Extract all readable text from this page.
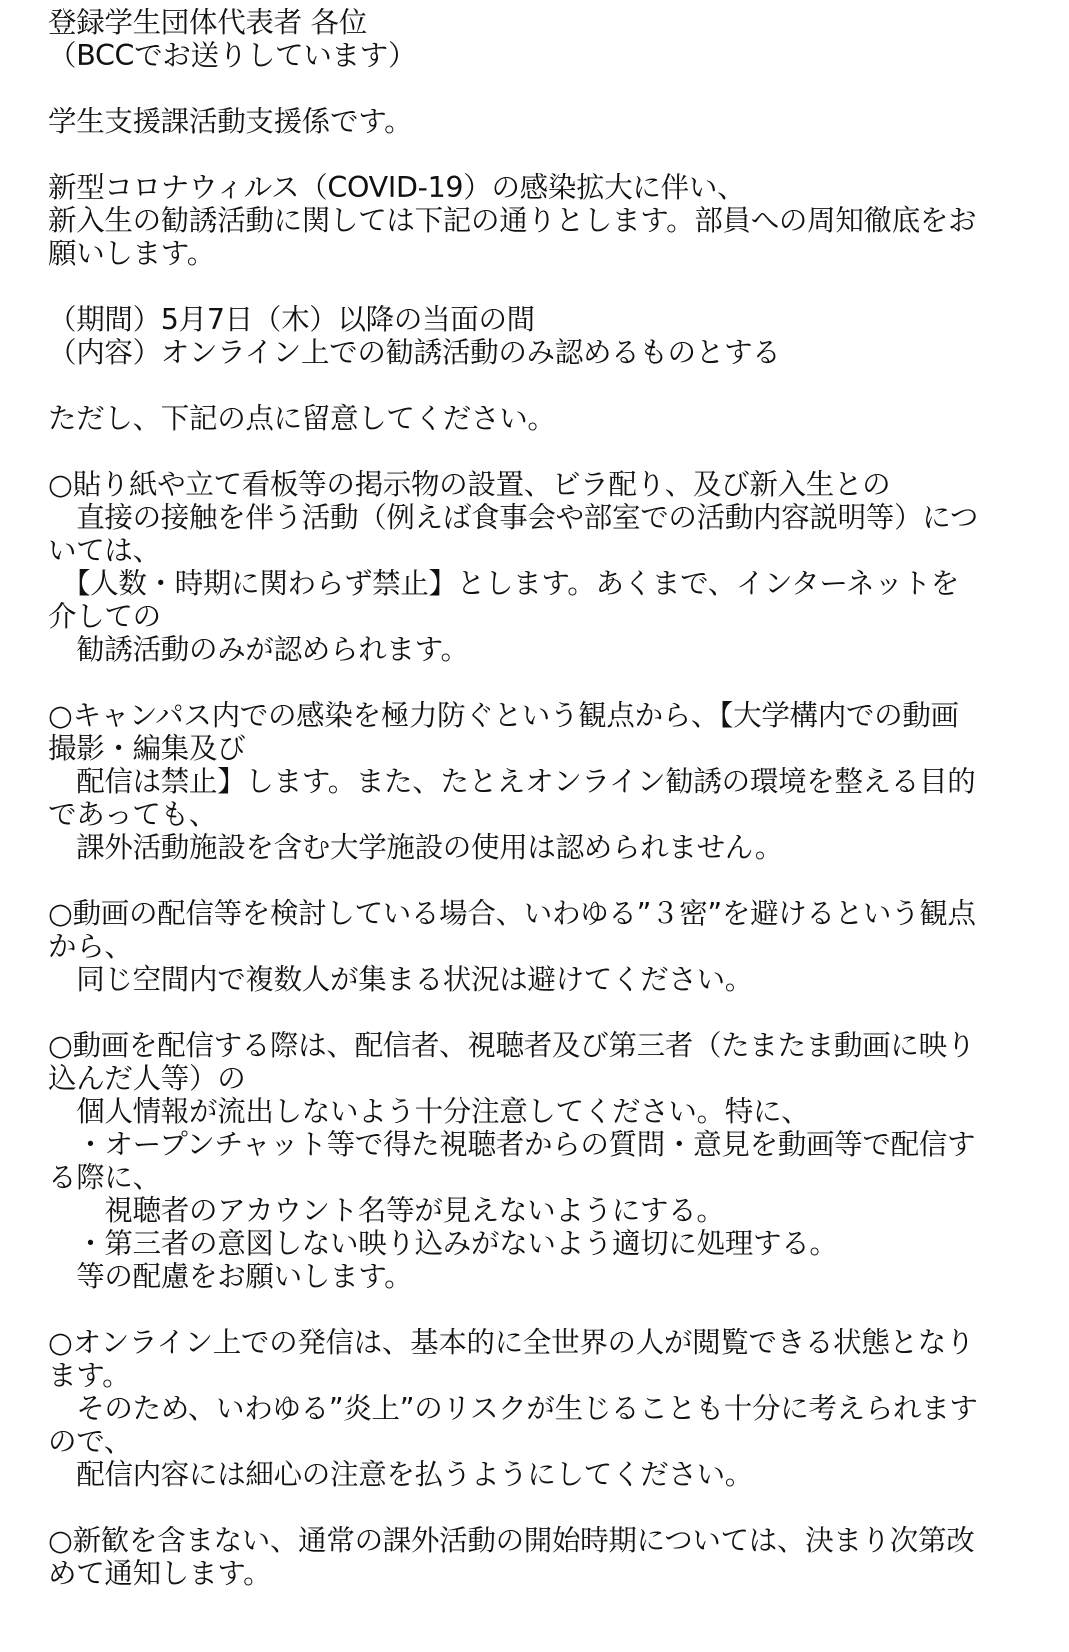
登録学生団体代表者 各位
（BCCでお送りしています）
学生支援課活動支援係です。
新型コロナウィルス（COVID-19）の感染拡大に伴い、
新入生の勧誘活動に関しては下記の通りとします。部員への周知徹底をお
願いします。
（期間）5月7日（木）以降の当面の間
（内容）オンライン上での勧誘活動のみ認めるものとする
ただし、下記の点に留意してください。
○貼り紙や立て看板等の掲示物の設置、ビラ配り、及び新入生との
　直接の接触を伴う活動（例えば食事会や部室での活動内容説明等）につ
いては、
　【人数・時期に関わらず禁止】とします。あくまで、インターネットを
介しての
　勧誘活動のみが認められます。
○キャンパス内での感染を極力防ぐという観点から、【大学構内での動画
撮影・編集及び
　配信は禁止】します。また、たとえオンライン勧誘の環境を整える目的
であっても、
　課外活動施設を含む大学施設の使用は認められません。
○動画の配信等を検討している場合、いわゆる”３密”を避けるという観点
から、
　同じ空間内で複数人が集まる状況は避けてください。
○動画を配信する際は、配信者、視聴者及び第三者（たまたま動画に映り
込んだ人等）の
　個人情報が流出しないよう十分注意してください。特に、
　・オープンチャット等で得た視聴者からの質問・意見を動画等で配信す
る際に、
　　視聴者のアカウント名等が見えないようにする。
　・第三者の意図しない映り込みがないよう適切に処理する。
　等の配慮をお願いします。
○オンライン上での発信は、基本的に全世界の人が閲覧できる状態となり
ます。
　そのため、いわゆる”炎上”のリスクが生じることも十分に考えられます
ので、
　配信内容には細心の注意を払うようにしてください。
○新歓を含まない、通常の課外活動の開始時期については、決まり次第改
めて通知します。
